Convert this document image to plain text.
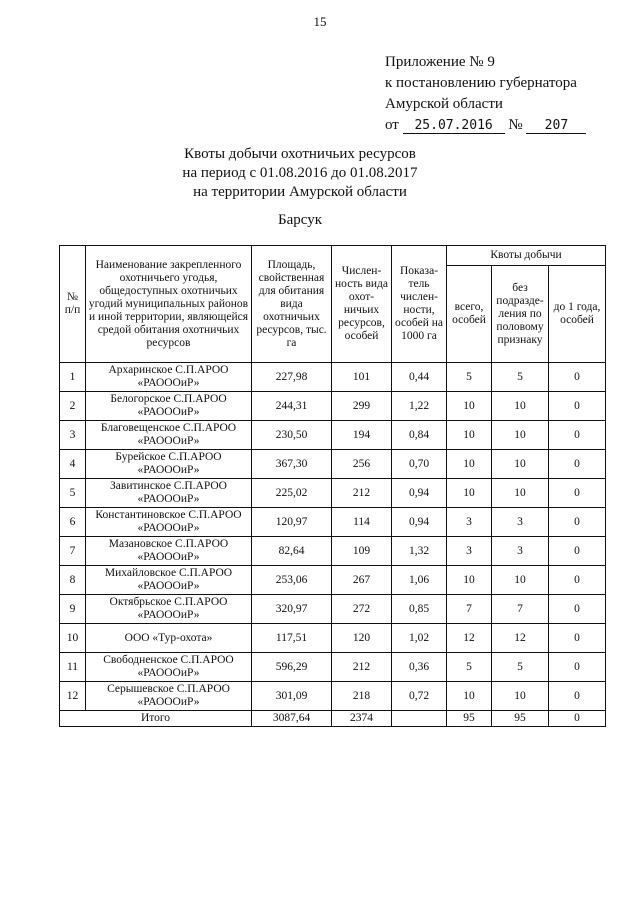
15
Приложение № 9
к постановлению губернатора
Амурской области
от 25.07.2016 № 207
Квоты добычи охотничьих ресурсов
на период с 01.08.2016 до 01.08.2017
на территории Амурской области
Барсук
№ п/п	Наименование закрепленного охотничьего угодья, общедоступных охотничьих угодий муниципальных районов и иной территории, являющейся средой обитания охотничьих ресурсов	Площадь, свойственная для обитания вида охотничьих ресурсов, тыс. га	Числен-ность вида охот-ничьих ресурсов, особей	Показа-тель числен-ности, особей на 1000 га	Квоты добычи		
					всего, особей	без подразде-ления по половому признаку	до 1 года, особей
1	Архаринское С.П.АРОО «РАОООиР»	227,98	101	0,44	5	5	0
2	Белогорское С.П.АРОО «РАОООиР»	244,31	299	1,22	10	10	0
3	Благовещенское С.П.АРОО «РАОООиР»	230,50	194	0,84	10	10	0
4	Бурейское С.П.АРОО «РАОООиР»	367,30	256	0,70	10	10	0
5	Завитинское С.П.АРОО «РАОООиР»	225,02	212	0,94	10	10	0
6	Константиновское С.П.АРОО «РАОООиР»	120,97	114	0,94	3	3	0
7	Мазановское С.П.АРОО «РАОООиР»	82,64	109	1,32	3	3	0
8	Михайловское С.П.АРОО «РАОООиР»	253,06	267	1,06	10	10	0
9	Октябрьское С.П.АРОО «РАОООиР»	320,97	272	0,85	7	7	0
10	ООО «Тур-охота»	117,51	120	1,02	12	12	0
11	Свободненское С.П.АРОО «РАОООиР»	596,29	212	0,36	5	5	0
12	Серышевское С.П.АРОО «РАОООиР»	301,09	218	0,72	10	10	0
Итого		3087,64	2374		95	95	0
